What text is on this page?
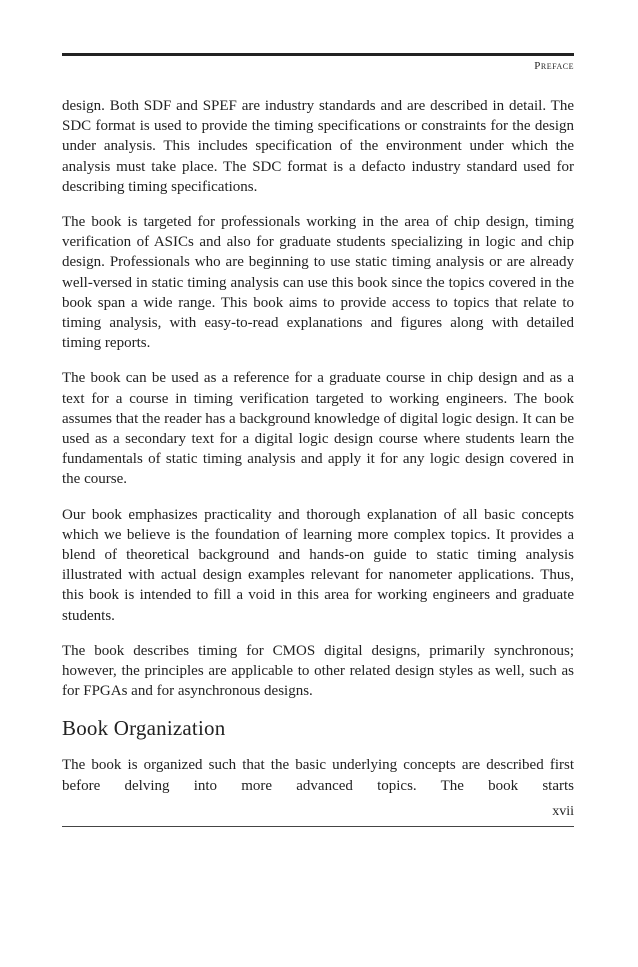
Preface

design. Both SDF and SPEF are industry standards and are described in detail. The SDC format is used to provide the timing specifications or constraints for the design under analysis. This includes specification of the environment under which the analysis must take place. The SDC format is a defacto industry standard used for describing timing specifications.

The book is targeted for professionals working in the area of chip design, timing verification of ASICs and also for graduate students specializing in logic and chip design. Professionals who are beginning to use static timing analysis or are already well-versed in static timing analysis can use this book since the topics covered in the book span a wide range. This book aims to provide access to topics that relate to timing analysis, with easy-to-read explanations and figures along with detailed timing reports.

The book can be used as a reference for a graduate course in chip design and as a text for a course in timing verification targeted to working engineers. The book assumes that the reader has a background knowledge of digital logic design. It can be used as a secondary text for a digital logic design course where students learn the fundamentals of static timing analysis and apply it for any logic design covered in the course.

Our book emphasizes practicality and thorough explanation of all basic concepts which we believe is the foundation of learning more complex topics. It provides a blend of theoretical background and hands-on guide to static timing analysis illustrated with actual design examples relevant for nanometer applications. Thus, this book is intended to fill a void in this area for working engineers and graduate students.

The book describes timing for CMOS digital designs, primarily synchronous; however, the principles are applicable to other related design styles as well, such as for FPGAs and for asynchronous designs.

Book Organization

The book is organized such that the basic underlying concepts are described first before delving into more advanced topics. The book starts

xvii
